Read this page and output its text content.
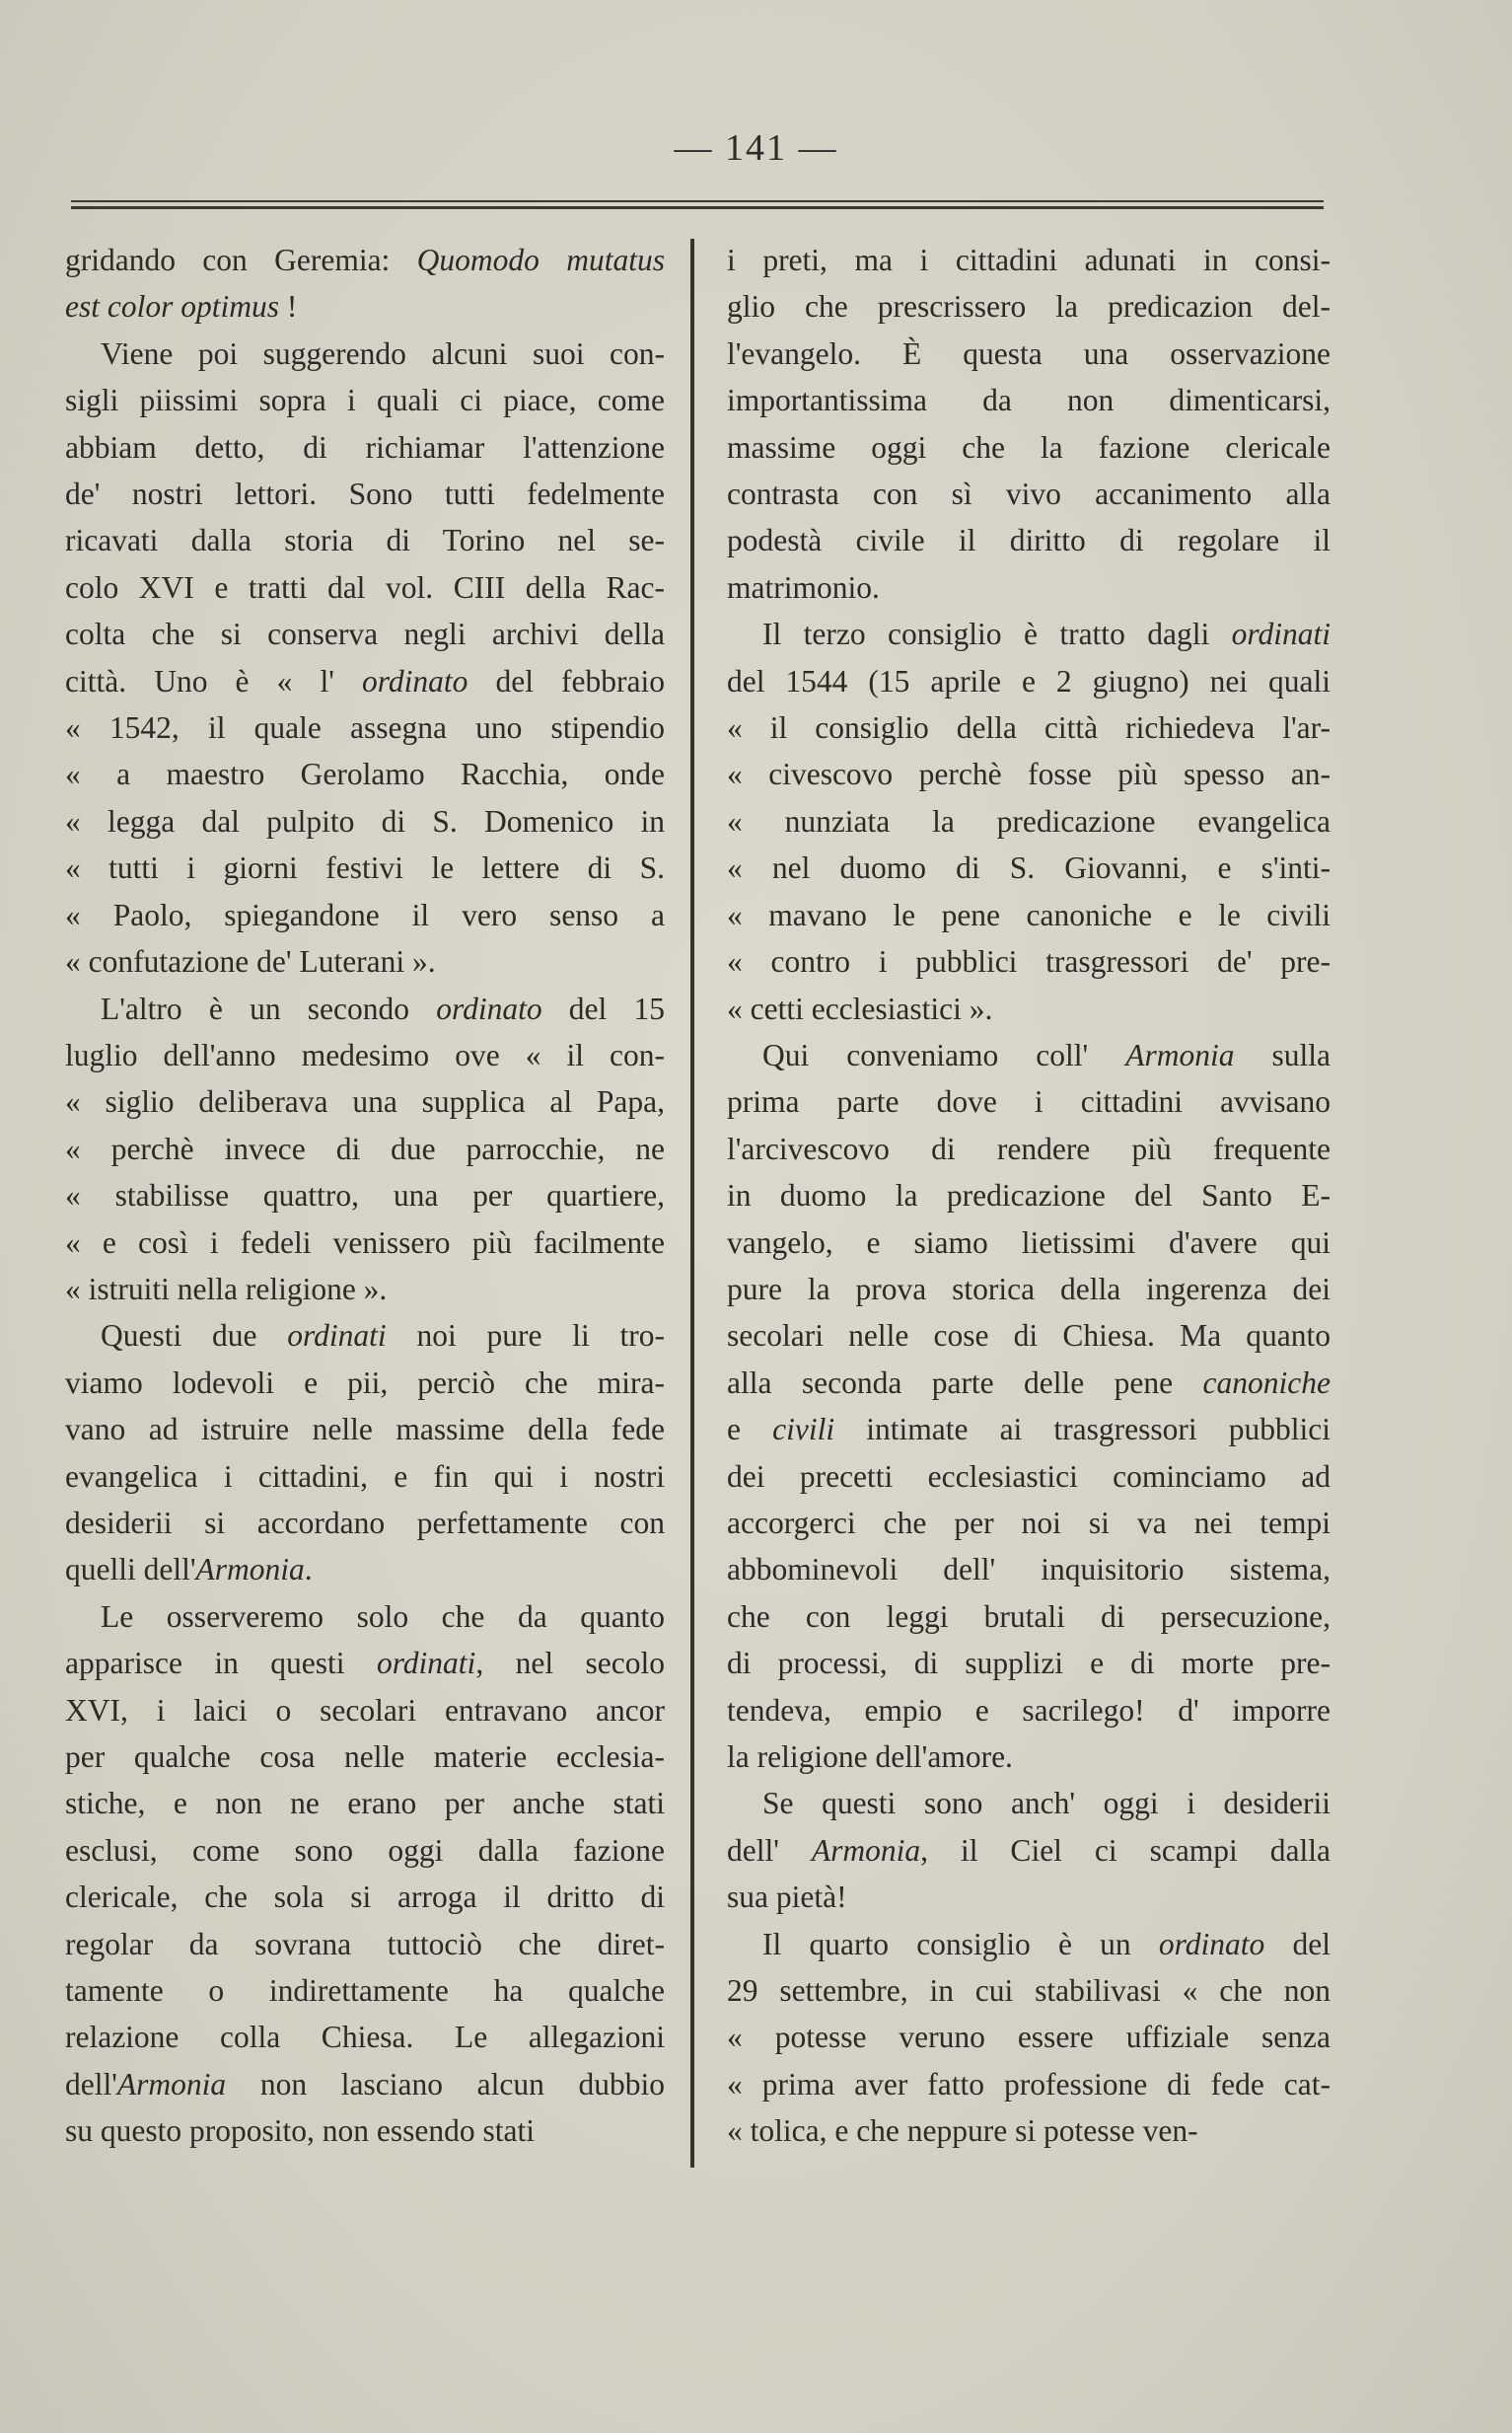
— 141 —

gridando con Geremia: Quomodo mutatus
est color optimus !

Viene poi suggerendo alcuni suoi con-
sigli piissimi sopra i quali ci piace, come
abbiam detto, di richiamar l'attenzione
de' nostri lettori. Sono tutti fedelmente
ricavati dalla storia di Torino nel se-
colo XVI e tratti dal vol. CIII della Rac-
colta che si conserva negli archivi della
città. Uno è « l' ordinato del febbraio
« 1542, il quale assegna uno stipendio
« a maestro Gerolamo Racchia, onde
« legga dal pulpito di S. Domenico in
« tutti i giorni festivi le lettere di S.
« Paolo, spiegandone il vero senso a
« confutazione de' Luterani ».

L'altro è un secondo ordinato del 15
luglio dell'anno medesimo ove « il con-
« siglio deliberava una supplica al Papa,
« perchè invece di due parrocchie, ne
« stabilisse quattro, una per quartiere,
« e così i fedeli venissero più facilmente
« istruiti nella religione ».

Questi due ordinati noi pure li tro-
viamo lodevoli e pii, perciò che mira-
vano ad istruire nelle massime della fede
evangelica i cittadini, e fin qui i nostri
desiderii si accordano perfettamente con
quelli dell'Armonia.

Le osserveremo solo che da quanto
apparisce in questi ordinati, nel secolo
XVI, i laici o secolari entravano ancor
per qualche cosa nelle materie ecclesia-
stiche, e non ne erano per anche stati
esclusi, come sono oggi dalla fazione
clericale, che sola si arroga il dritto di
regolar da sovrana tuttociò che diret-
tamente o indirettamente ha qualche
relazione colla Chiesa. Le allegazioni
dell'Armonia non lasciano alcun dubbio
su questo proposito, non essendo stati

i preti, ma i cittadini adunati in consi-
glio che prescrissero la predicazion del-
l'evangelo. È questa una osservazione
importantissima da non dimenticarsi,
massime oggi che la fazione clericale
contrasta con sì vivo accanimento alla
podestà civile il diritto di regolare il
matrimonio.

Il terzo consiglio è tratto dagli ordinati
del 1544 (15 aprile e 2 giugno) nei quali
« il consiglio della città richiedeva l'ar-
« civescovo perchè fosse più spesso an-
« nunziata la predicazione evangelica
« nel duomo di S. Giovanni, e s'inti-
« mavano le pene canoniche e le civili
« contro i pubblici trasgressori de' pre-
« cetti ecclesiastici ».

Qui conveniamo coll' Armonia sulla
prima parte dove i cittadini avvisano
l'arcivescovo di rendere più frequente
in duomo la predicazione del Santo E-
vangelo, e siamo lietissimi d'avere qui
pure la prova storica della ingerenza dei
secolari nelle cose di Chiesa. Ma quanto
alla seconda parte delle pene canoniche
e civili intimate ai trasgressori pubblici
dei precetti ecclesiastici cominciamo ad
accorgerci che per noi si va nei tempi
abbominevoli dell' inquisitorio sistema,
che con leggi brutali di persecuzione,
di processi, di supplizi e di morte pre-
tendeva, empio e sacrilego! d' imporre
la religione dell'amore.

Se questi sono anch' oggi i desiderii
dell' Armonia, il Ciel ci scampi dalla
sua pietà!

Il quarto consiglio è un ordinato del
29 settembre, in cui stabilivasi « che non
« potesse veruno essere uffiziale senza
« prima aver fatto professione di fede cat-
« tolica, e che neppure si potesse ven-
